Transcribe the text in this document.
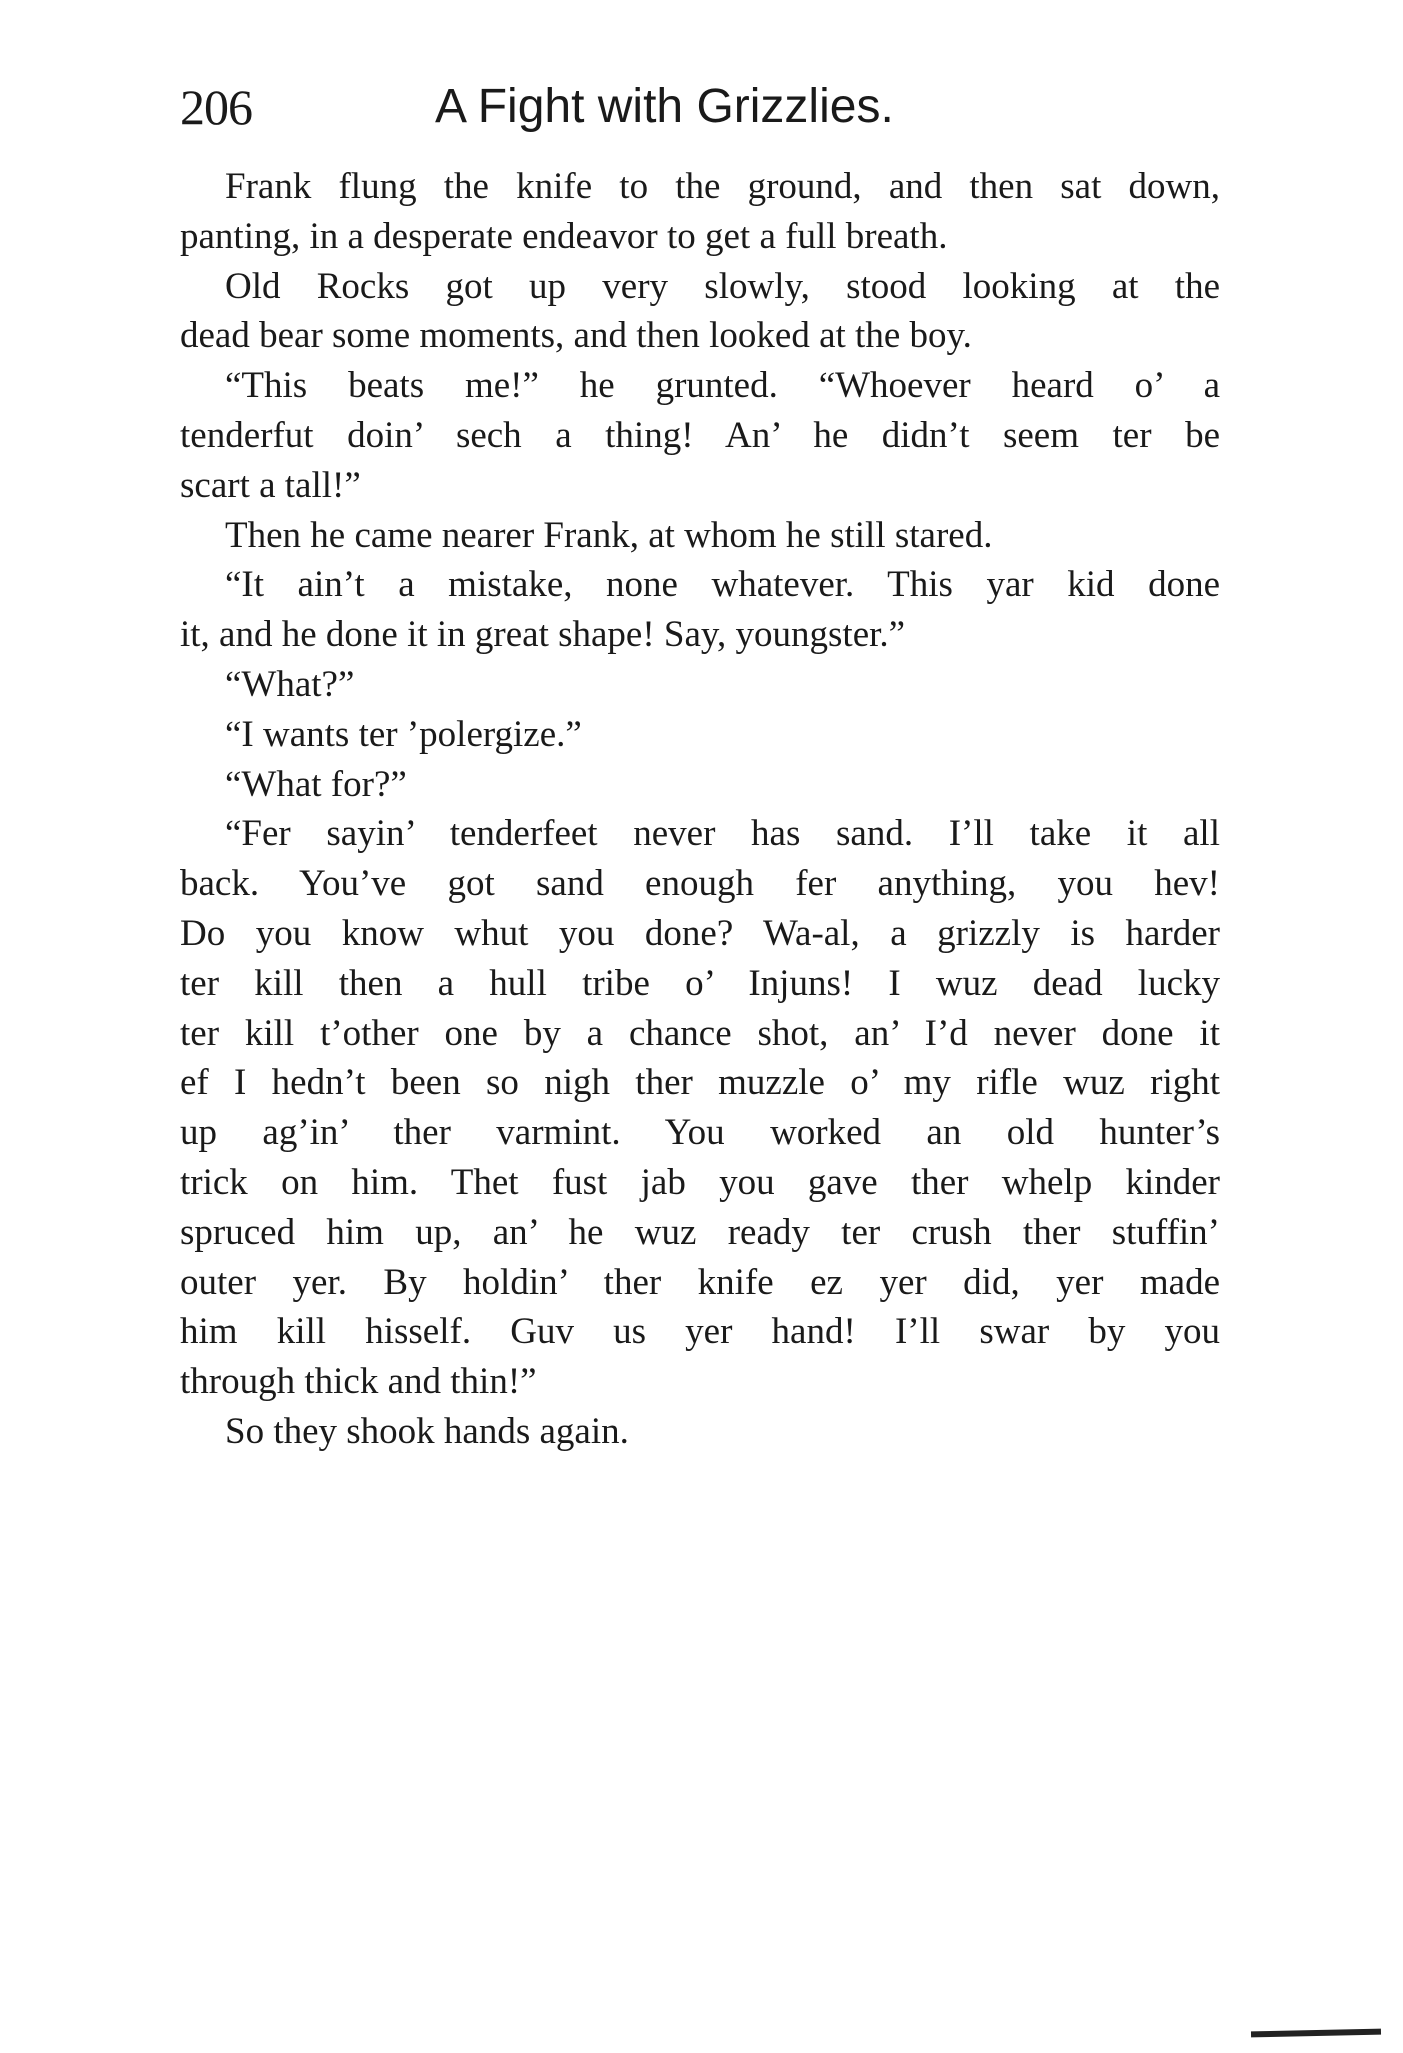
206	A Fight with Grizzlies.
Frank flung the knife to the ground, and then sat down,
panting, in a desperate endeavor to get a full breath.
Old Rocks got up very slowly, stood looking at the
dead bear some moments, and then looked at the boy.
“This beats me!” he grunted. “Whoever heard o’ a
tenderfut doin’ sech a thing! An’ he didn’t seem ter be
scart a tall!”
Then he came nearer Frank, at whom he still stared.
“It ain’t a mistake, none whatever. This yar kid done
it, and he done it in great shape! Say, youngster.”
“What?”
“I wants ter ’polergize.”
“What for?”
“Fer sayin’ tenderfeet never has sand. I’ll take it all
back. You’ve got sand enough fer anything, you hev!
Do you know whut you done? Wa-al, a grizzly is harder
ter kill then a hull tribe o’ Injuns! I wuz dead lucky
ter kill t’other one by a chance shot, an’ I’d never done it
ef I hedn’t been so nigh ther muzzle o’ my rifle wuz right
up ag’in’ ther varmint. You worked an old hunter’s
trick on him. Thet fust jab you gave ther whelp kinder
spruced him up, an’ he wuz ready ter crush ther stuffin’
outer yer. By holdin’ ther knife ez yer did, yer made
him kill hisself. Guv us yer hand! I’ll swar by you
through thick and thin!”
So they shook hands again.
